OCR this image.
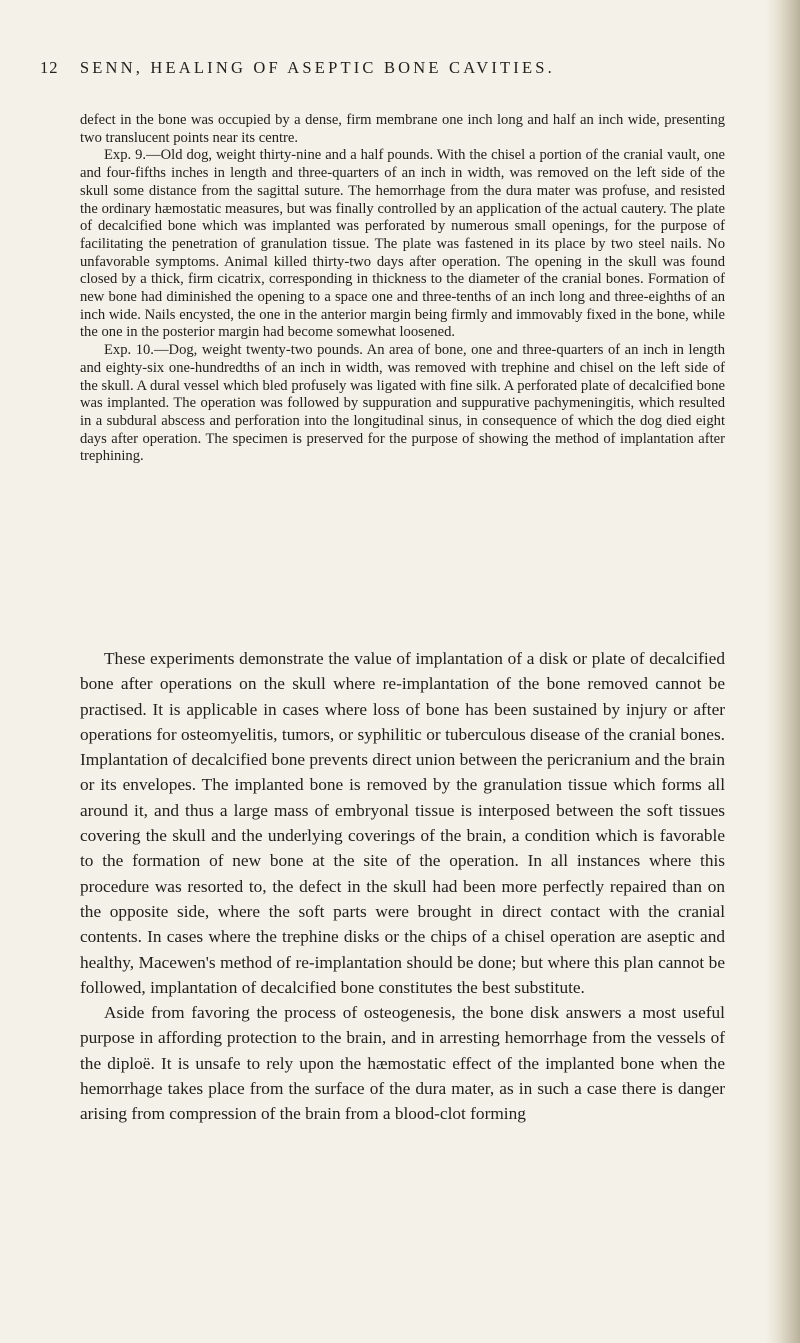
12 SENN, HEALING OF ASEPTIC BONE CAVITIES.

defect in the bone was occupied by a dense, firm membrane one inch long and half an inch wide, presenting two translucent points near its centre.

Exp. 9.—Old dog, weight thirty-nine and a half pounds. With the chisel a portion of the cranial vault, one and four-fifths inches in length and three-quarters of an inch in width, was removed on the left side of the skull some distance from the sagittal suture. The hemorrhage from the dura mater was profuse, and resisted the ordinary hæmostatic measures, but was finally controlled by an application of the actual cautery. The plate of decalcified bone which was implanted was perforated by numerous small openings, for the purpose of facilitating the penetration of granulation tissue. The plate was fastened in its place by two steel nails. No unfavorable symptoms. Animal killed thirty-two days after operation. The opening in the skull was found closed by a thick, firm cicatrix, corresponding in thickness to the diameter of the cranial bones. Formation of new bone had diminished the opening to a space one and three-tenths of an inch long and three-eighths of an inch wide. Nails encysted, the one in the anterior margin being firmly and immovably fixed in the bone, while the one in the posterior margin had become somewhat loosened.

Exp. 10.—Dog, weight twenty-two pounds. An area of bone, one and three-quarters of an inch in length and eighty-six one-hundredths of an inch in width, was removed with trephine and chisel on the left side of the skull. A dural vessel which bled profusely was ligated with fine silk. A perforated plate of decalcified bone was implanted. The operation was followed by suppuration and suppurative pachymeningitis, which resulted in a subdural abscess and perforation into the longitudinal sinus, in consequence of which the dog died eight days after operation. The specimen is preserved for the purpose of showing the method of implantation after trephining.

These experiments demonstrate the value of implantation of a disk or plate of decalcified bone after operations on the skull where re-implantation of the bone removed cannot be practised. It is applicable in cases where loss of bone has been sustained by injury or after operations for osteomyelitis, tumors, or syphilitic or tuberculous disease of the cranial bones. Implantation of decalcified bone prevents direct union between the pericranium and the brain or its envelopes. The implanted bone is removed by the granulation tissue which forms all around it, and thus a large mass of embryonal tissue is interposed between the soft tissues covering the skull and the underlying coverings of the brain, a condition which is favorable to the formation of new bone at the site of the operation. In all instances where this procedure was resorted to, the defect in the skull had been more perfectly repaired than on the opposite side, where the soft parts were brought in direct contact with the cranial contents. In cases where the trephine disks or the chips of a chisel operation are aseptic and healthy, Macewen's method of re-implantation should be done; but where this plan cannot be followed, implantation of decalcified bone constitutes the best substitute.

Aside from favoring the process of osteogenesis, the bone disk answers a most useful purpose in affording protection to the brain, and in arresting hemorrhage from the vessels of the diploë. It is unsafe to rely upon the hæmostatic effect of the implanted bone when the hemorrhage takes place from the surface of the dura mater, as in such a case there is danger arising from compression of the brain from a blood-clot forming
